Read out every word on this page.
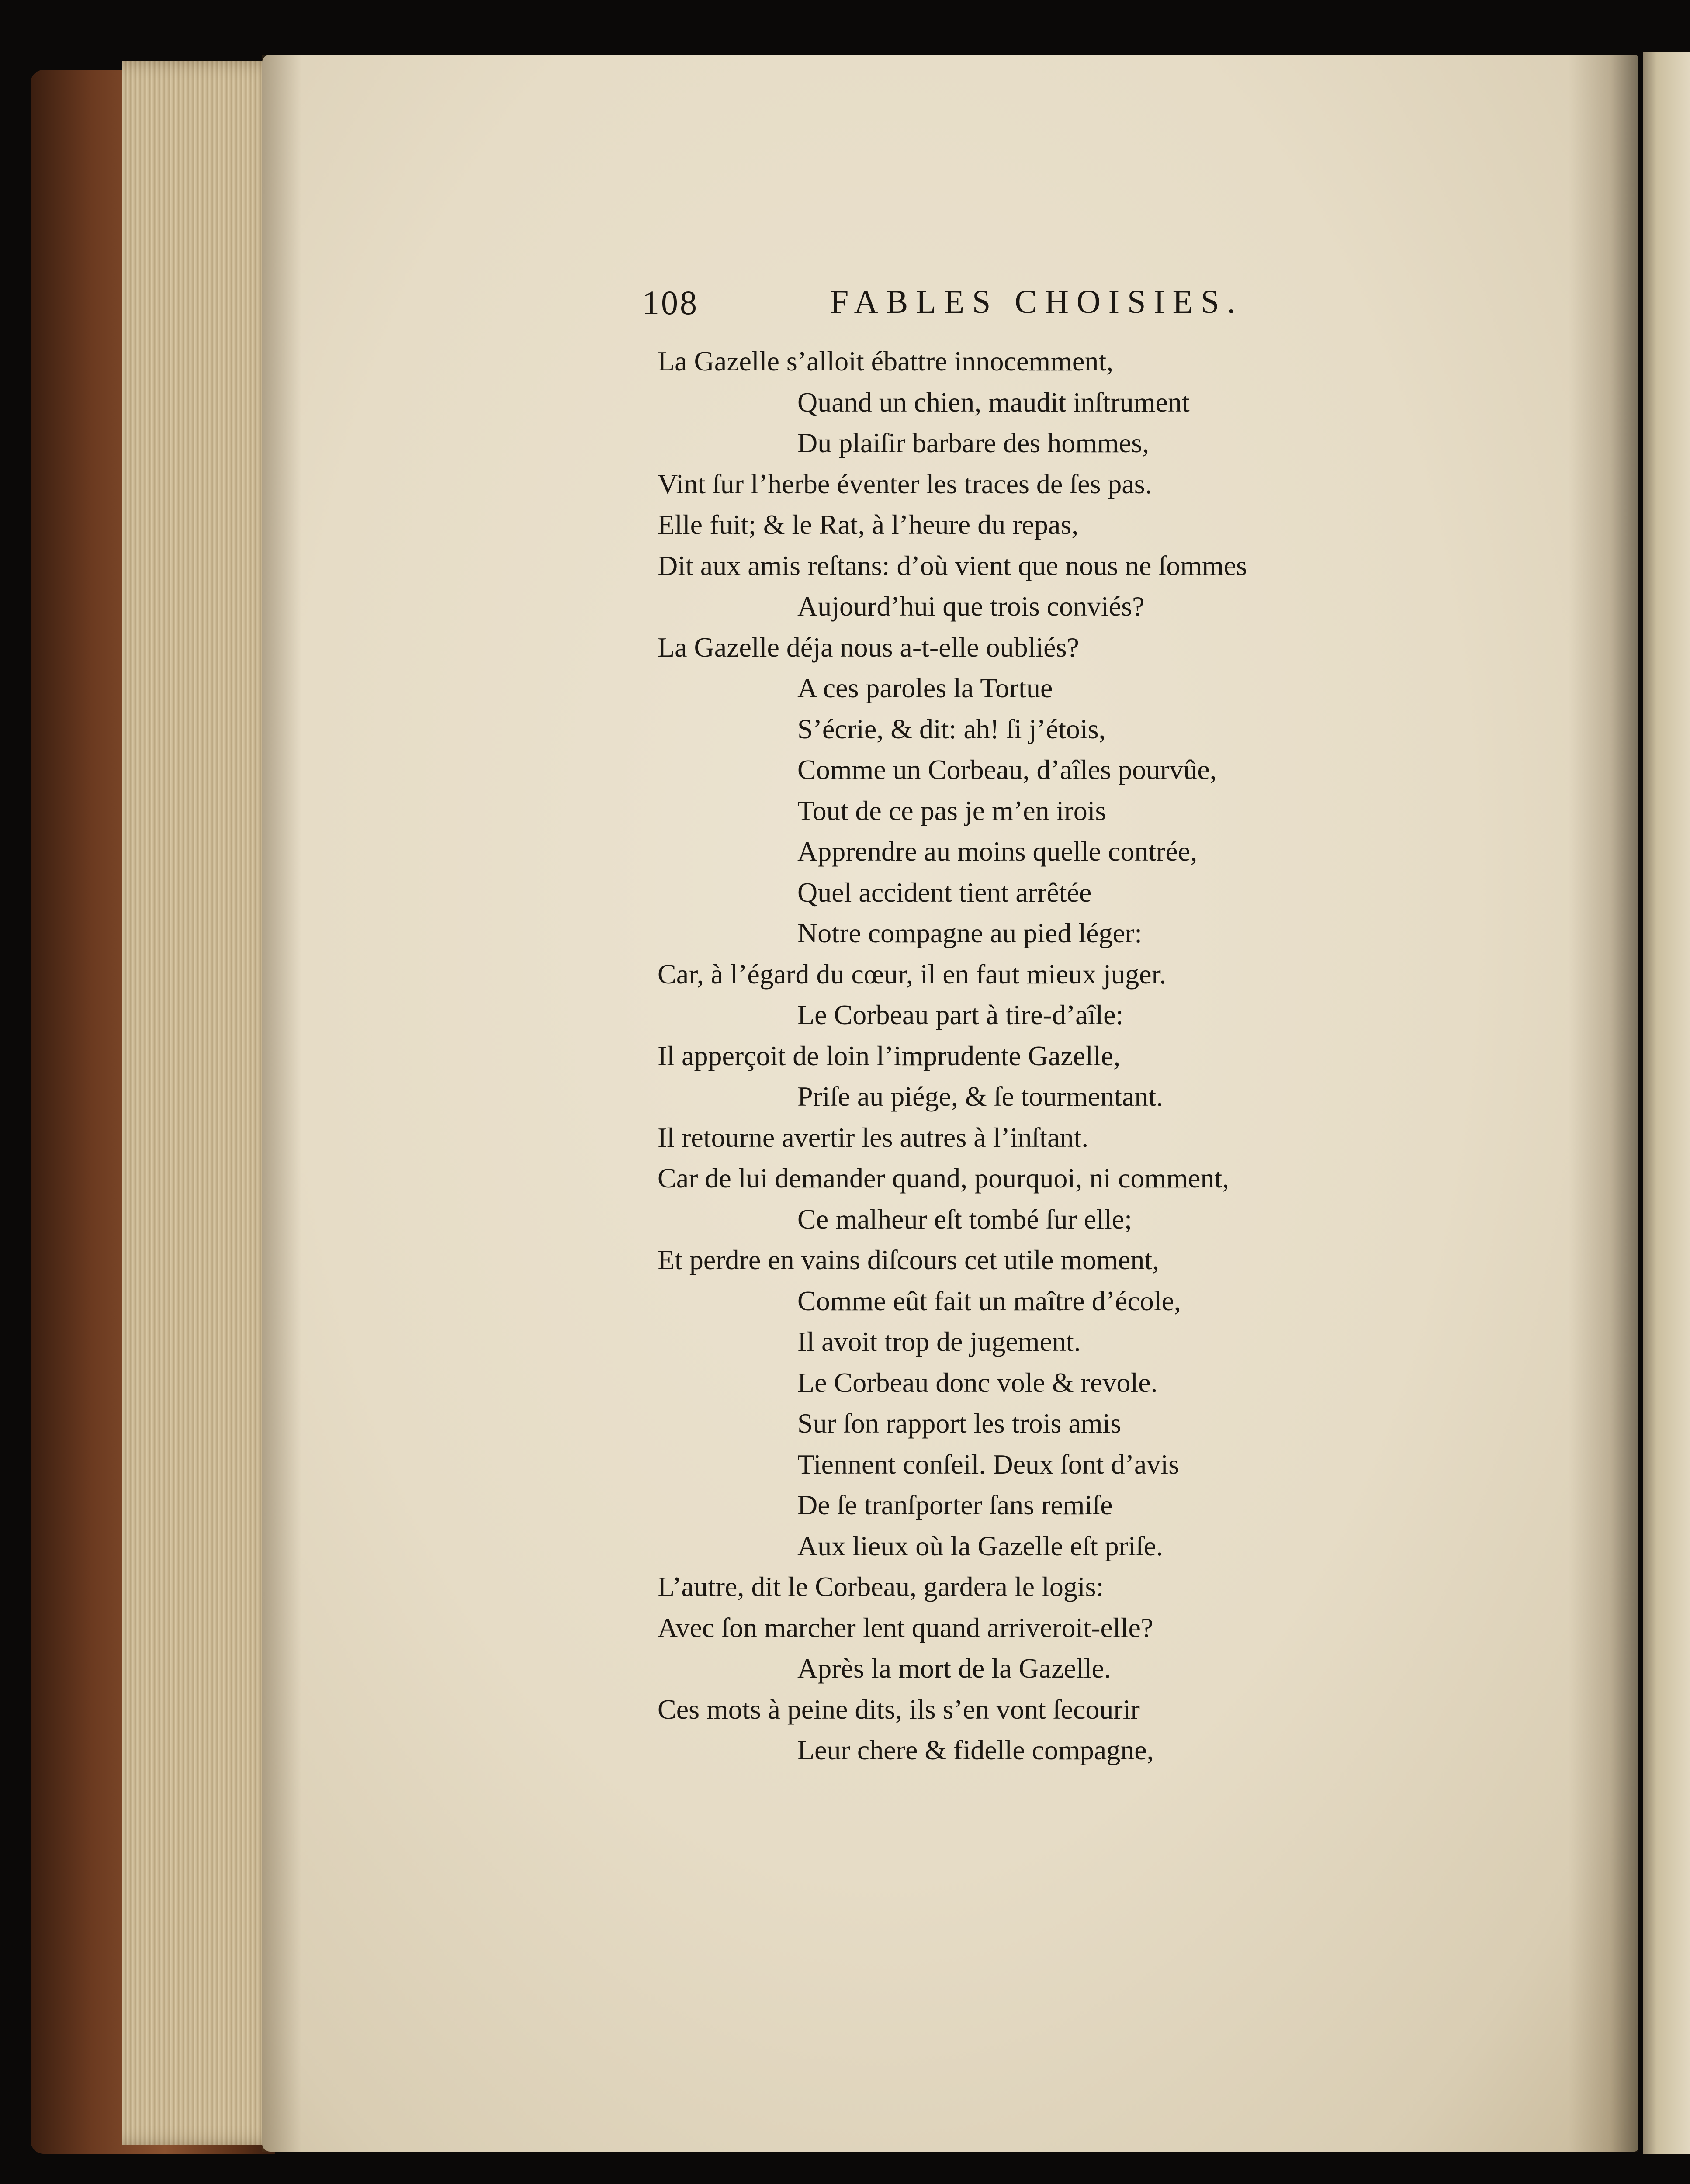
108	FABLES CHOISIES.
La Gazelle s’alloit ébattre innocemment,
Quand un chien, maudit inſtrument
Du plaiſir barbare des hommes,
Vint ſur l’herbe éventer les traces de ſes pas.
Elle fuit; & le Rat, à l’heure du repas,
Dit aux amis reſtans: d’où vient que nous ne ſommes
Aujourd’hui que trois conviés?
La Gazelle déja nous a-t-elle oubliés?
A ces paroles la Tortue
S’écrie, & dit: ah! ſi j’étois,
Comme un Corbeau, d’aîles pourvûe,
Tout de ce pas je m’en irois
Apprendre au moins quelle contrée,
Quel accident tient arrêtée
Notre compagne au pied léger:
Car, à l’égard du cœur, il en faut mieux juger.
Le Corbeau part à tire-d’aîle:
Il apperçoit de loin l’imprudente Gazelle,
Priſe au piége, & ſe tourmentant.
Il retourne avertir les autres à l’inſtant.
Car de lui demander quand, pourquoi, ni comment,
Ce malheur eſt tombé ſur elle;
Et perdre en vains diſcours cet utile moment,
Comme eût fait un maître d’école,
Il avoit trop de jugement.
Le Corbeau donc vole & revole.
Sur ſon rapport les trois amis
Tiennent conſeil. Deux ſont d’avis
De ſe tranſporter ſans remiſe
Aux lieux où la Gazelle eſt priſe.
L’autre, dit le Corbeau, gardera le logis:
Avec ſon marcher lent quand arriveroit-elle?
Après la mort de la Gazelle.
Ces mots à peine dits, ils s’en vont ſecourir
Leur chere & fidelle compagne,
